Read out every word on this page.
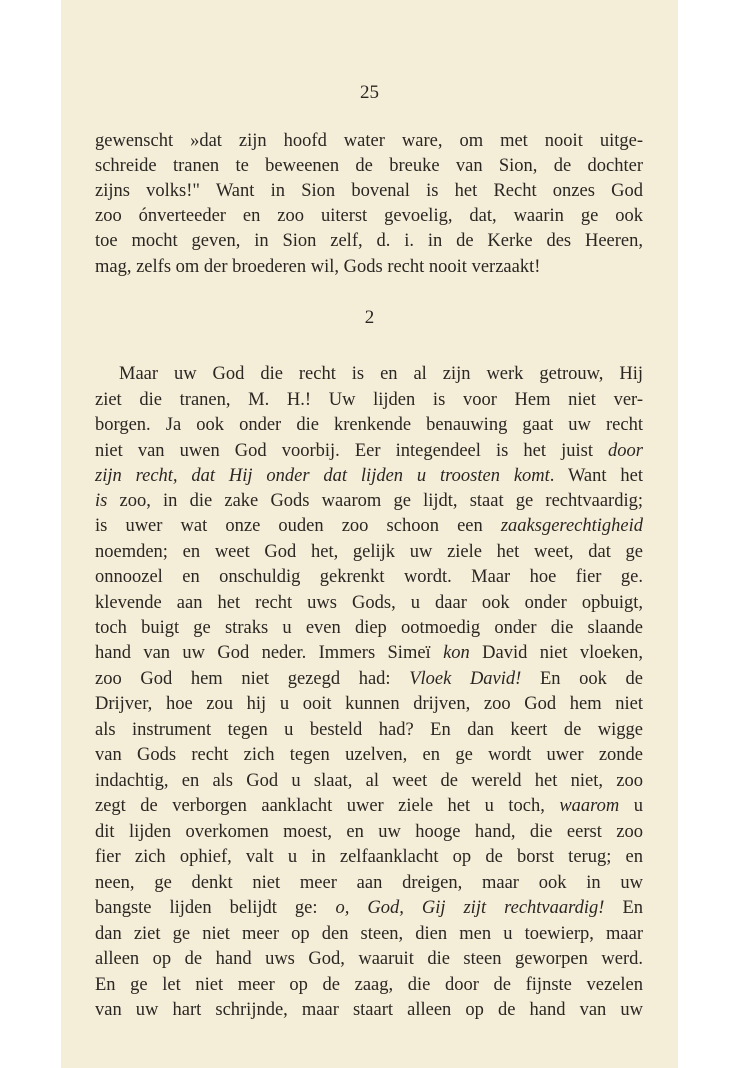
25
gewenscht »dat zijn hoofd water ware, om met nooit uitge-
schreide tranen te beweenen de breuke van Sion, de dochter
zijns volks!" Want in Sion bovenal is het Recht onzes God
zoo ónverteeder en zoo uiterst gevoelig, dat, waarin ge ook
toe mocht geven, in Sion zelf, d. i. in de Kerke des Heeren,
mag, zelfs om der broederen wil, Gods recht nooit verzaakt!
2
Maar uw God die recht is en al zijn werk getrouw, Hij
ziet die tranen, M. H.! Uw lijden is voor Hem niet ver-
borgen. Ja ook onder die krenkende benauwing gaat uw recht
niet van uwen God voorbij. Eer integendeel is het juist door
zijn recht, dat Hij onder dat lijden u troosten komt. Want het
is zoo, in die zake Gods waarom ge lijdt, staat ge rechtvaardig;
is uwer wat onze ouden zoo schoon een zaaksgerechtigheid
noemden; en weet God het, gelijk uw ziele het weet, dat ge
onnoozel en onschuldig gekrenkt wordt. Maar hoe fier ge.
klevende aan het recht uws Gods, u daar ook onder opbuigt,
toch buigt ge straks u even diep ootmoedig onder die slaande
hand van uw God neder. Immers Simeï kon David niet vloeken,
zoo God hem niet gezegd had: Vloek David! En ook de
Drijver, hoe zou hij u ooit kunnen drijven, zoo God hem niet
als instrument tegen u besteld had? En dan keert de wigge
van Gods recht zich tegen uzelven, en ge wordt uwer zonde
indachtig, en als God u slaat, al weet de wereld het niet, zoo
zegt de verborgen aanklacht uwer ziele het u toch, waarom u
dit lijden overkomen moest, en uw hooge hand, die eerst zoo
fier zich ophief, valt u in zelfaanklacht op de borst terug; en
neen, ge denkt niet meer aan dreigen, maar ook in uw
bangste lijden belijdt ge: o, God, Gij zijt rechtvaardig! En
dan ziet ge niet meer op den steen, dien men u toewierp, maar
alleen op de hand uws God, waaruit die steen geworpen werd.
En ge let niet meer op de zaag, die door de fijnste vezelen
van uw hart schrijnde, maar staart alleen op de hand van uw
